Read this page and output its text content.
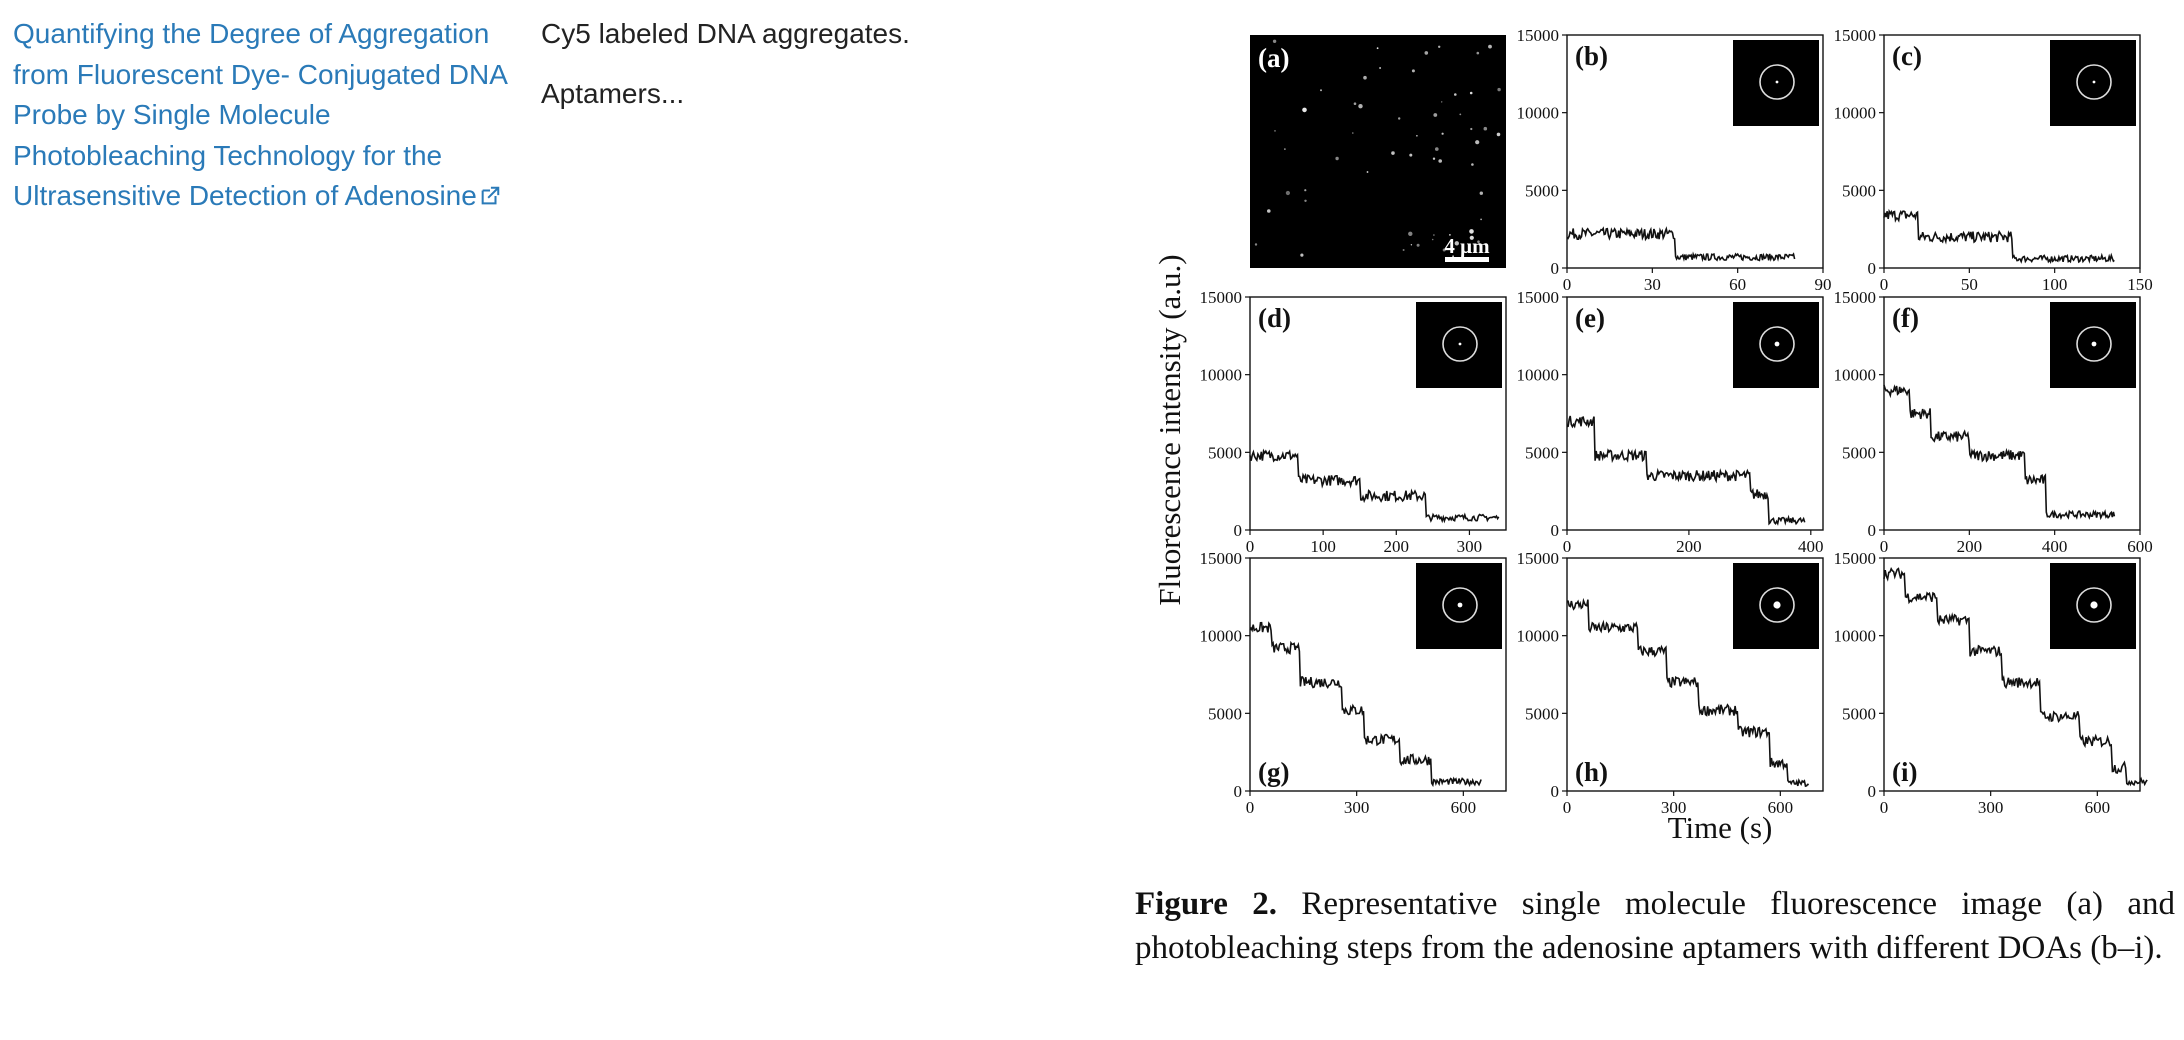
Quantifying the Degree of Aggregation from Fluorescent Dye- Conjugated DNA Probe by Single Molecule Photobleaching Technology for the Ultrasensitive Detection of Adenosine

Cy5 labeled DNA aggregates.

Aptamers...

Fluorescence intensity (a.u.)
Time (s)
4 μm
(a)
0
5000
10000
15000
0	30	60	90
(b)
0
5000
10000
15000
0	50	100	150
(c)
0
5000
10000
15000
0	100	200	300
(d)
0
5000
10000
15000
0	200	400
(e)
0
5000
10000
15000
0	200	400	600
(f)
0
5000
10000
15000
0	300	600
(g)
0
5000
10000
15000
0	300	600
(h)
0
5000
10000
15000
0	300	600
(i)
Figure 2. Representative single molecule fluorescence image (a) and photobleaching steps from the adenosine aptamers with different DOAs (b–i).
